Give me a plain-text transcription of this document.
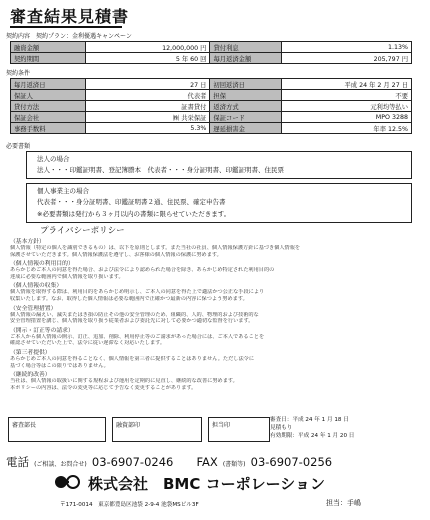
審査結果見積書
契約内容　契約プラン：金利優遇キャンペーン
融資金額	12,000,000 円	貸付利息	1.13%
契約期間	5 年 60 回	毎月返済金額	205,797 円
契約条件
毎月返済日	27 日	初回返済日	平成 24 年 2 月 27 日
保証人	代表者	担保	不要
貸付方法	証書貸付	返済方式	元利均等払い
保証会社	㈱ 共栄保証	保証コード	MPO 3288
事務手数料	5.3%	遅延損害金	年率 12.5%
必要書類
法人の場合
法人・・・印鑑証明書、登記簿謄本　代表者・・・身分証明書、印鑑証明書、住民票
個人事業主の場合
代表者・・・身分証明書、印鑑証明書２通、住民票、確定申告書
※必要書類は発行から３ヶ月以内の書類に限らせていただきます。
プライバシーポリシー
（基本方針）
個人情報（特定の個人を識別できるもの）は、以下を原則とします。また当社の社員、個人情報保護方針に基づき個人情報を
保護させていただきます。個人情報保護法を遵守し、お客様の個人情報の保護に努めます。
（個人情報の利用目的）
あらかじめご本人の同意を得た場合、および法令により認められた場合を除き、あらかじめ特定された利用目的の
達成に必要な範囲内で個人情報を取り扱います。
（個人情報の収集）
個人情報を取得する際は、利用目的をあらかじめ明示し、ご本人の同意を得た上で適法かつ公正な手段により
収集いたします。なお、取得した個人情報は必要な範囲内で正確かつ最新の内容に保つよう努めます。
（安全管理措置）
個人情報の漏えい、滅失またはき損の防止その他の安全管理のため、組織的、人的、物理的および技術的な
安全管理措置を講じ、個人情報を取り扱う従業者および委託先に対して必要かつ適切な監督を行います。
（開示・訂正等の請求）
ご本人から個人情報の開示、訂正、追加、削除、利用停止等のご請求があった場合には、ご本人であることを
確認させていただいた上で、法令に従い遅滞なく対応いたします。
（第三者提供）
あらかじめご本人の同意を得ることなく、個人情報を第三者に提供することはありません。ただし法令に
基づく場合等はこの限りではありません。
（継続的改善）
当社は、個人情報の取扱いに関する規程および運用を定期的に見直し、継続的な改善に努めます。
本ポリシーの内容は、法令の変更等に応じて予告なく変更することがあります。
審査部長	融資部印	担当印
審査日：平成 24 年 1 月 18 日
見積もり
有効期限：平成 24 年 1 月 20 日
電話 (ご相談、お問合せ) 03-6907-0246 FAX (書類等) 03-6907-0256
株式会社　BMC コーポレーション
〒171-0014　東京都豊島区池袋 2-9-4 池袋MSビル3F	担当：手嶋
